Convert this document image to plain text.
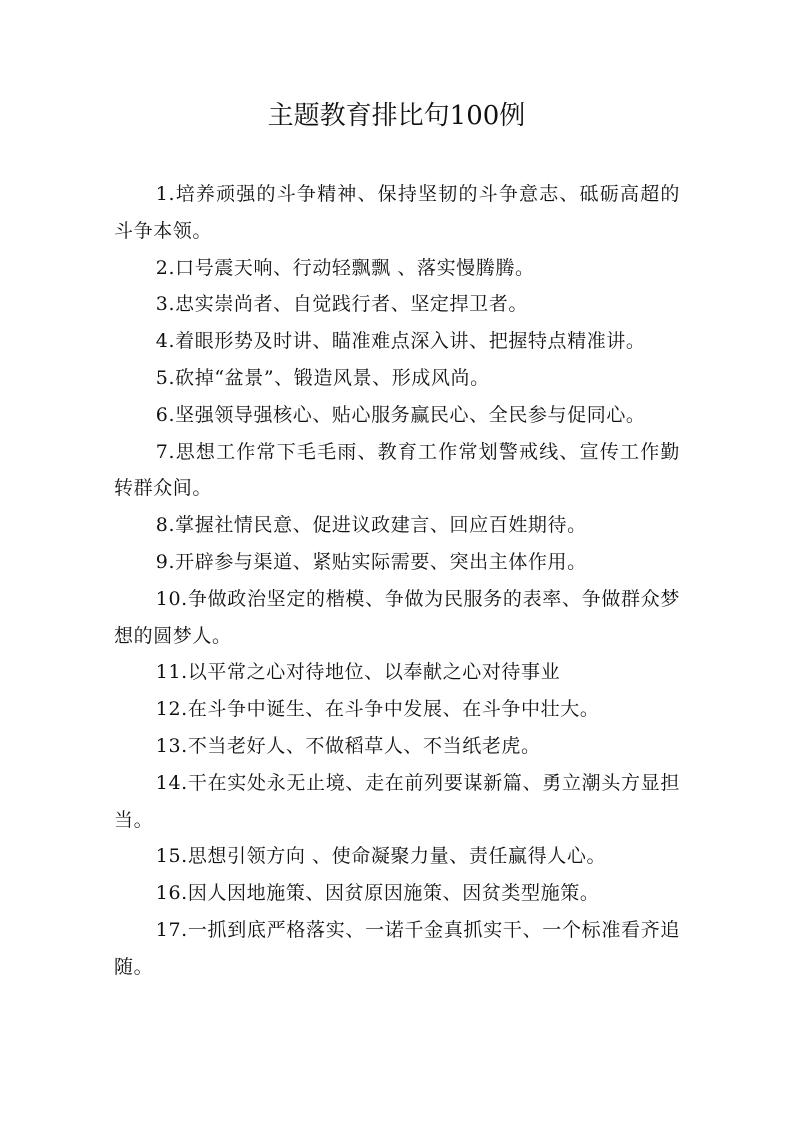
主题教育排比句100例

1.培养顽强的斗争精神、保持坚韧的斗争意志、砥砺高超的斗争本领。

2.口号震天响、行动轻飘飘 、落实慢腾腾。

3.忠实崇尚者、自觉践行者、坚定捍卫者。

4.着眼形势及时讲、瞄准难点深入讲、把握特点精准讲。

5.砍掉“盆景”、锻造风景、形成风尚。

6.坚强领导强核心、贴心服务赢民心、全民参与促同心。

7.思想工作常下毛毛雨、教育工作常划警戒线、宣传工作勤转群众间。

8.掌握社情民意、促进议政建言、回应百姓期待。

9.开辟参与渠道、紧贴实际需要、突出主体作用。

10.争做政治坚定的楷模、争做为民服务的表率、争做群众梦想的圆梦人。

11.以平常之心对待地位、以奉献之心对待事业

12.在斗争中诞生、在斗争中发展、在斗争中壮大。

13.不当老好人、不做稻草人、不当纸老虎。

14.干在实处永无止境、走在前列要谋新篇、勇立潮头方显担当。

15.思想引领方向 、使命凝聚力量、责任赢得人心。

16.因人因地施策、因贫原因施策、因贫类型施策。

17.一抓到底严格落实、一诺千金真抓实干、一个标准看齐追随。
